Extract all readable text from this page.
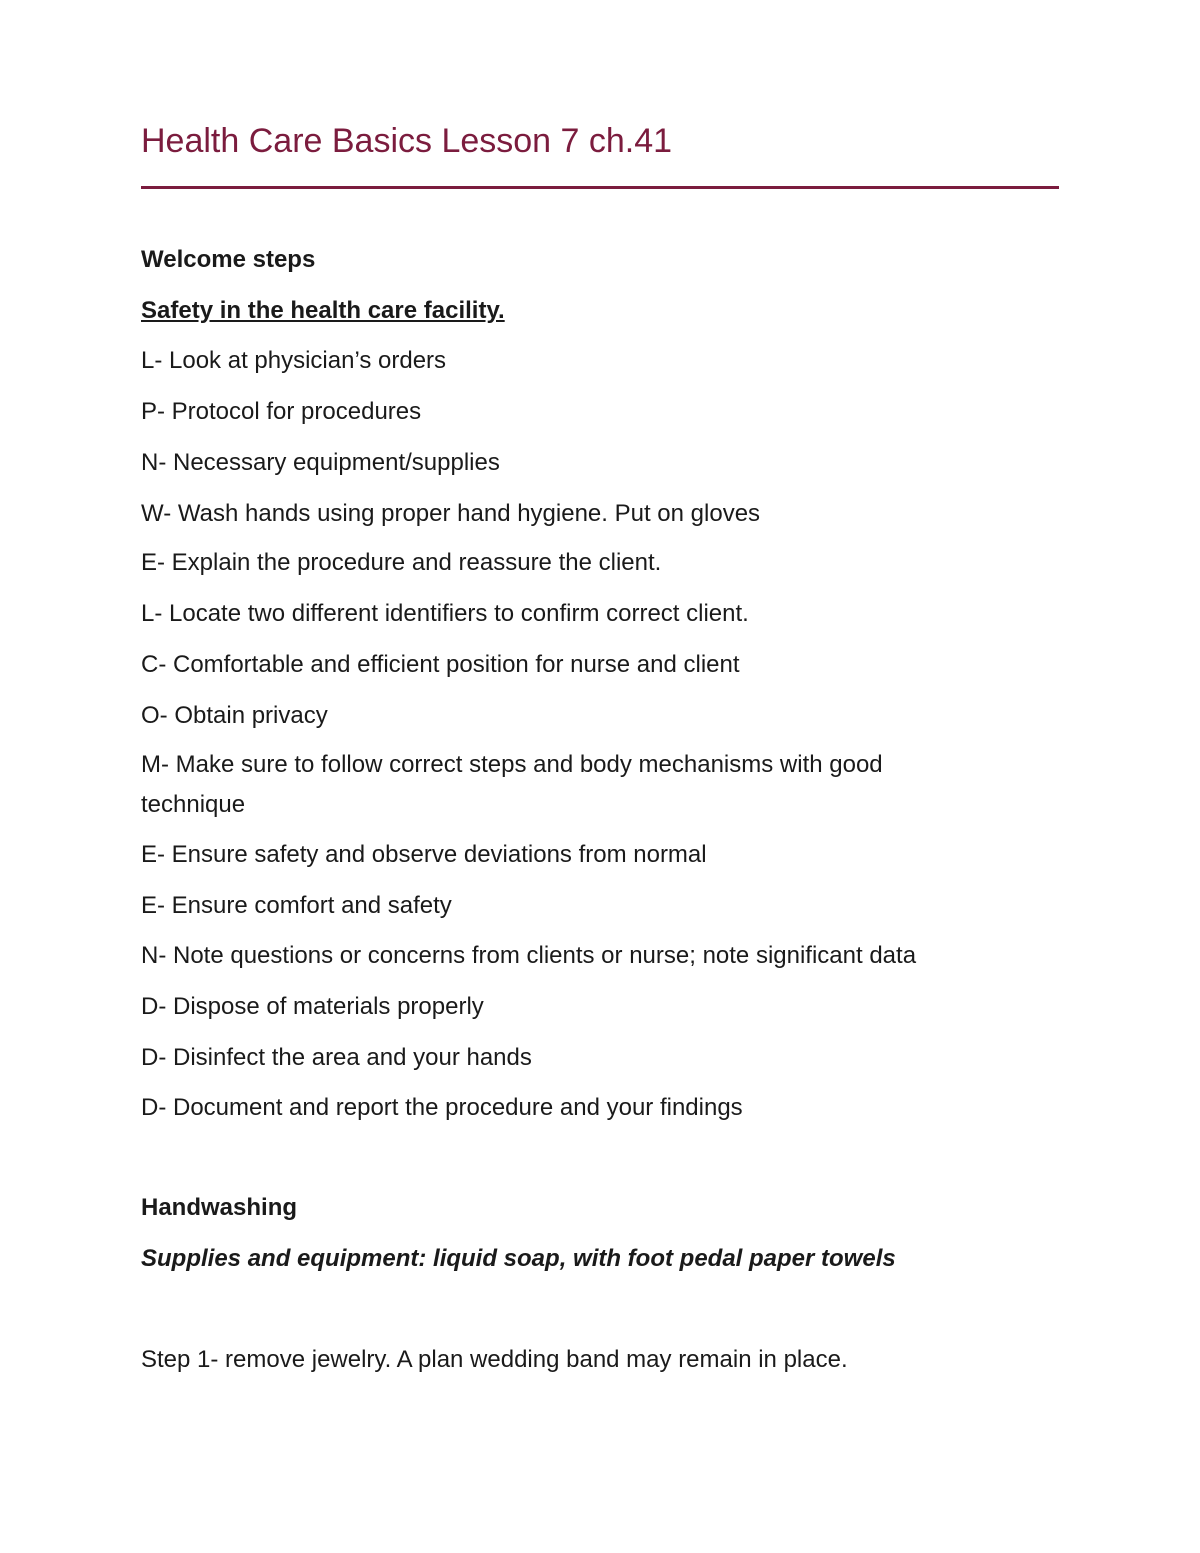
Health Care Basics Lesson 7 ch.41
Welcome steps
Safety in the health care facility.
L- Look at physician’s orders
P- Protocol for procedures
N- Necessary equipment/supplies
W- Wash hands using proper hand hygiene. Put on gloves
E- Explain the procedure and reassure the client.
L- Locate two different identifiers to confirm correct client.
C- Comfortable and efficient position for nurse and client
O- Obtain privacy
M- Make sure to follow correct steps and body mechanisms with good
technique
E- Ensure safety and observe deviations from normal
E- Ensure comfort and safety
N- Note questions or concerns from clients or nurse; note significant data
D- Dispose of materials properly
D- Disinfect the area and your hands
D- Document and report the procedure and your findings
Handwashing
Supplies and equipment: liquid soap, with foot pedal paper towels
Step 1- remove jewelry. A plan wedding band may remain in place.
